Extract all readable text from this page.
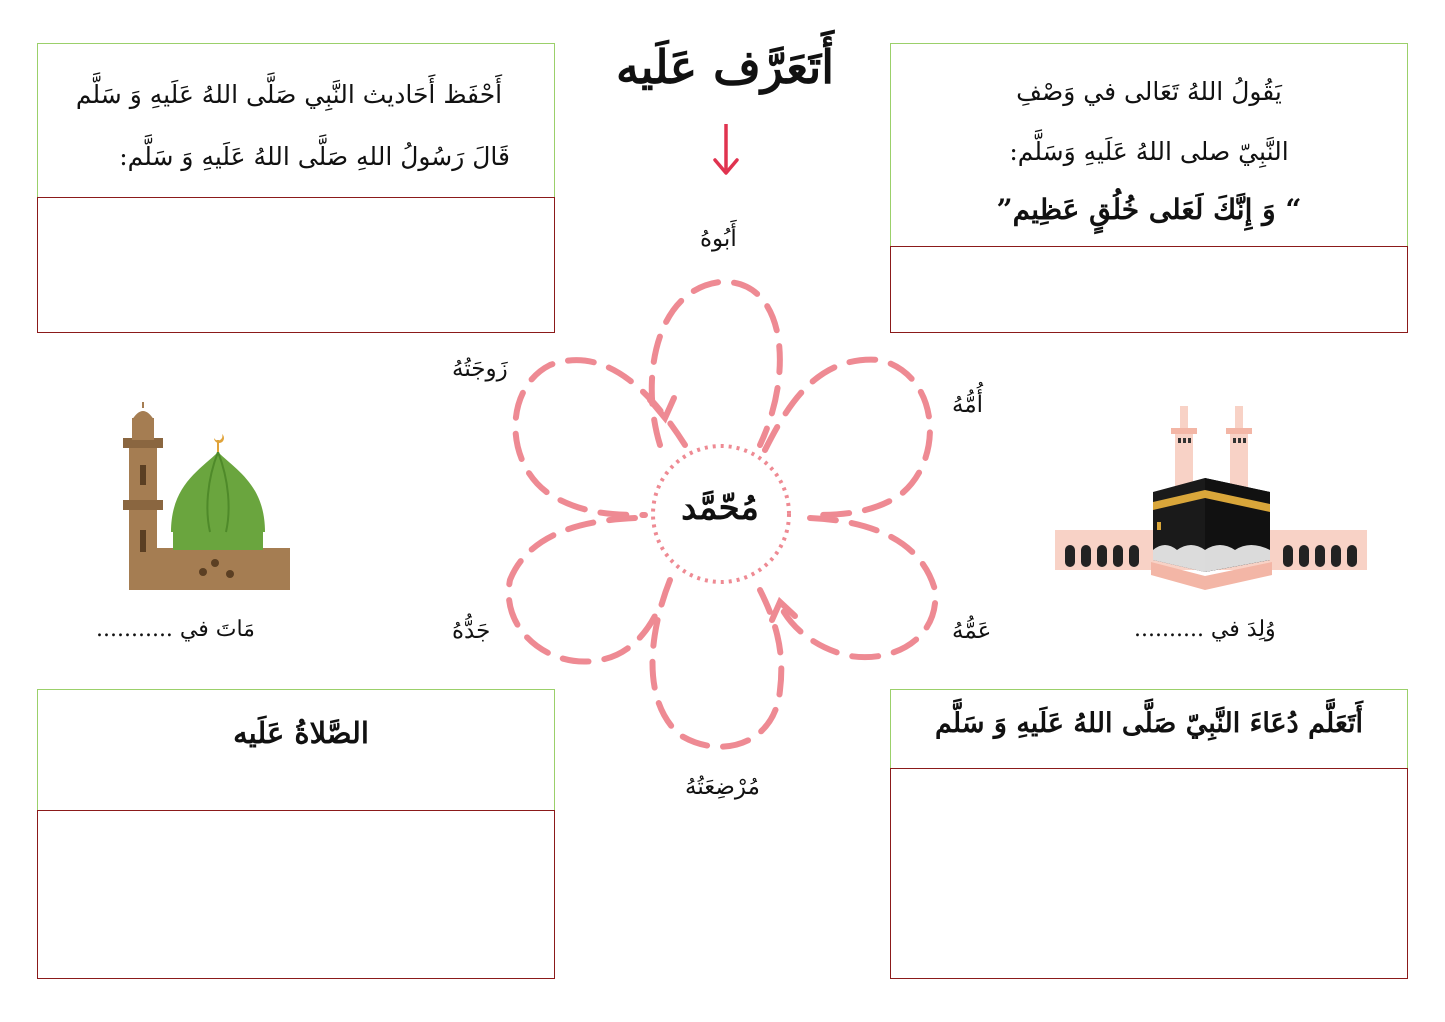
أَتَعَرَّف عَلَيه
أَحْفَظ أَحَاديث النَّبِي صَلَّى اللهُ عَلَيهِ وَ سَلَّم
قَالَ رَسُولُ اللهِ صَلَّى اللهُ عَلَيهِ وَ سَلَّم:
يَقُولُ اللهُ تَعَالى في وَصْفِ
النَّبِيّ صلى اللهُ عَلَيهِ وَسَلَّم:
“ وَ إِنَّكَ لَعَلى خُلُقٍ عَظِيم”
الصَّلاةُ عَلَيه	أَتَعَلَّم دُعَاءَ النَّبِيّ صَلَّى اللهُ عَلَيهِ وَ سَلَّم
مُحّمَّد
أَبُوهُ
زَوجَتُهُ
أُمُّهُ
جَدُّهُ	عَمُّهُ
مُرْضِعَتُهُ
مَاتَ في ...........	وُلِدَ في ..........
